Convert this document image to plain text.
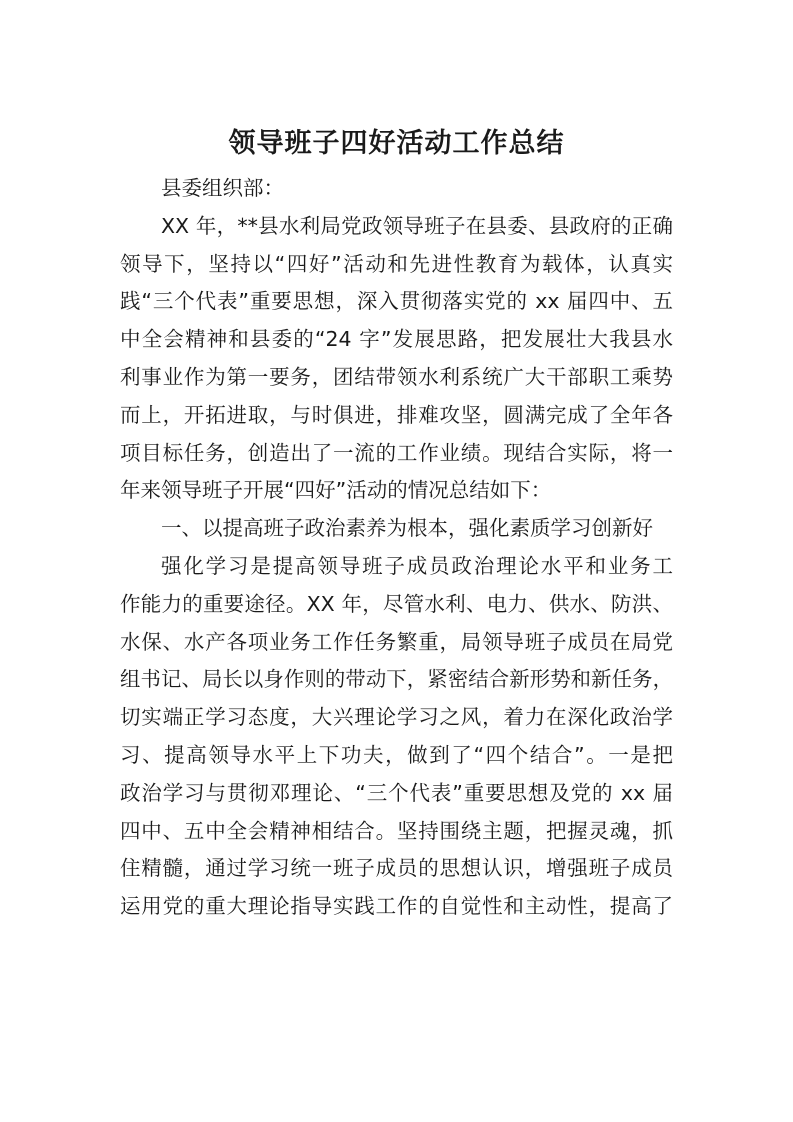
领导班子四好活动工作总结

县委组织部：

XX 年，**县水利局党政领导班子在县委、县政府的正确
领导下，坚持以“四好”活动和先进性教育为载体，认真实
践“三个代表”重要思想，深入贯彻落实党的 xx 届四中、五
中全会精神和县委的“24 字”发展思路，把发展壮大我县水
利事业作为第一要务，团结带领水利系统广大干部职工乘势
而上，开拓进取，与时俱进，排难攻坚，圆满完成了全年各
项目标任务，创造出了一流的工作业绩。现结合实际，将一
年来领导班子开展“四好”活动的情况总结如下：

一、以提高班子政治素养为根本，强化素质学习创新好

强化学习是提高领导班子成员政治理论水平和业务工
作能力的重要途径。XX 年，尽管水利、电力、供水、防洪、
水保、水产各项业务工作任务繁重，局领导班子成员在局党
组书记、局长以身作则的带动下，紧密结合新形势和新任务，
切实端正学习态度，大兴理论学习之风，着力在深化政治学
习、提高领导水平上下功夫，做到了“四个结合”。一是把
政治学习与贯彻邓理论、“三个代表”重要思想及党的 xx 届
四中、五中全会精神相结合。坚持围绕主题，把握灵魂，抓
住精髓，通过学习统一班子成员的思想认识，增强班子成员
运用党的重大理论指导实践工作的自觉性和主动性，提高了
